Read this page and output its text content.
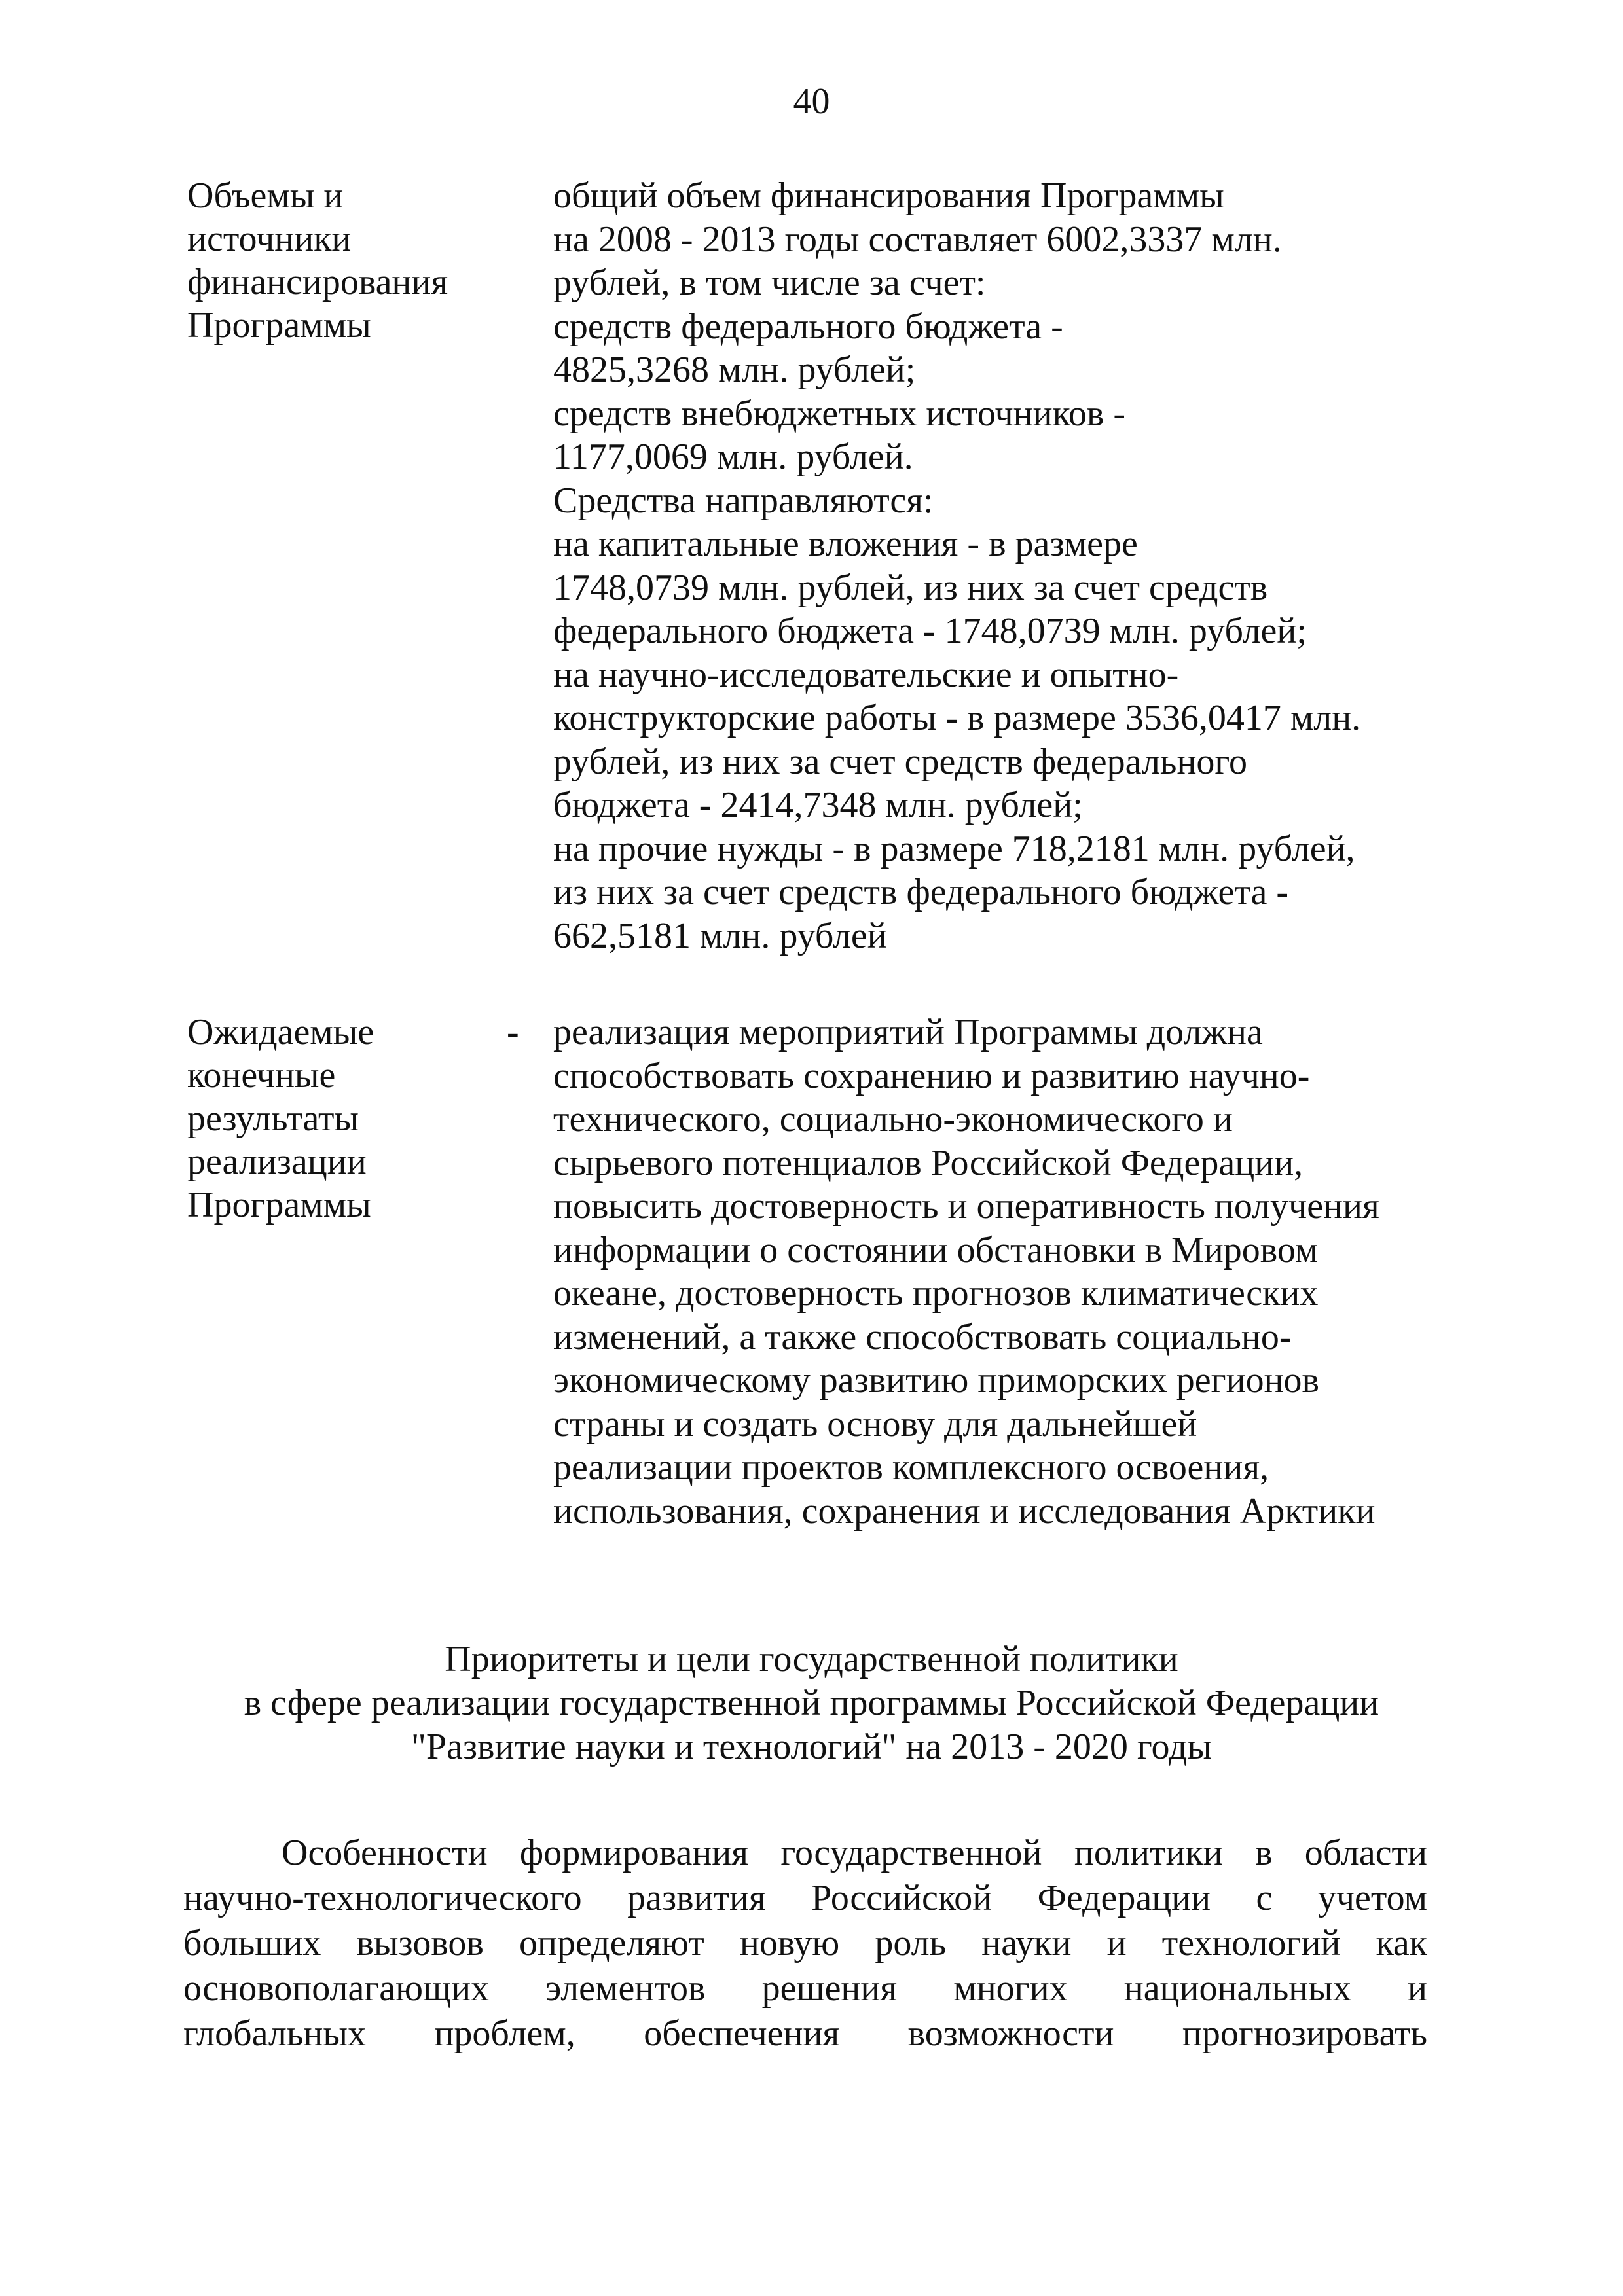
40
Объемы и
источники
финансирования
Программы
общий объем финансирования Программы
на 2008 - 2013 годы составляет 6002,3337 млн.
рублей, в том числе за счет:
средств федерального бюджета -
4825,3268 млн. рублей;
средств внебюджетных источников -
1177,0069 млн. рублей.
Средства направляются:
на капитальные вложения - в размере
1748,0739 млн. рублей, из них за счет средств
федерального бюджета - 1748,0739 млн. рублей;
на научно-исследовательские и опытно-
конструкторские работы - в размере 3536,0417 млн.
рублей, из них за счет средств федерального
бюджета - 2414,7348 млн. рублей;
на прочие нужды - в размере 718,2181 млн. рублей,
из них за счет средств федерального бюджета -
662,5181 млн. рублей
Ожидаемые
конечные
результаты
реализации
Программы
- реализация мероприятий Программы должна
способствовать сохранению и развитию научно-
технического, социально-экономического и
сырьевого потенциалов Российской Федерации,
повысить достоверность и оперативность получения
информации о состоянии обстановки в Мировом
океане, достоверность прогнозов климатических
изменений, а также способствовать социально-
экономическому развитию приморских регионов
страны и создать основу для дальнейшей
реализации проектов комплексного освоения,
использования, сохранения и исследования Арктики
Приоритеты и цели государственной политики
в сфере реализации государственной программы Российской Федерации
"Развитие науки и технологий" на 2013 - 2020 годы
Особенности формирования государственной политики в области
научно-технологического развития Российской Федерации с учетом
больших вызовов определяют новую роль науки и технологий как
основополагающих элементов решения многих национальных и
глобальных проблем, обеспечения возможности прогнозировать
